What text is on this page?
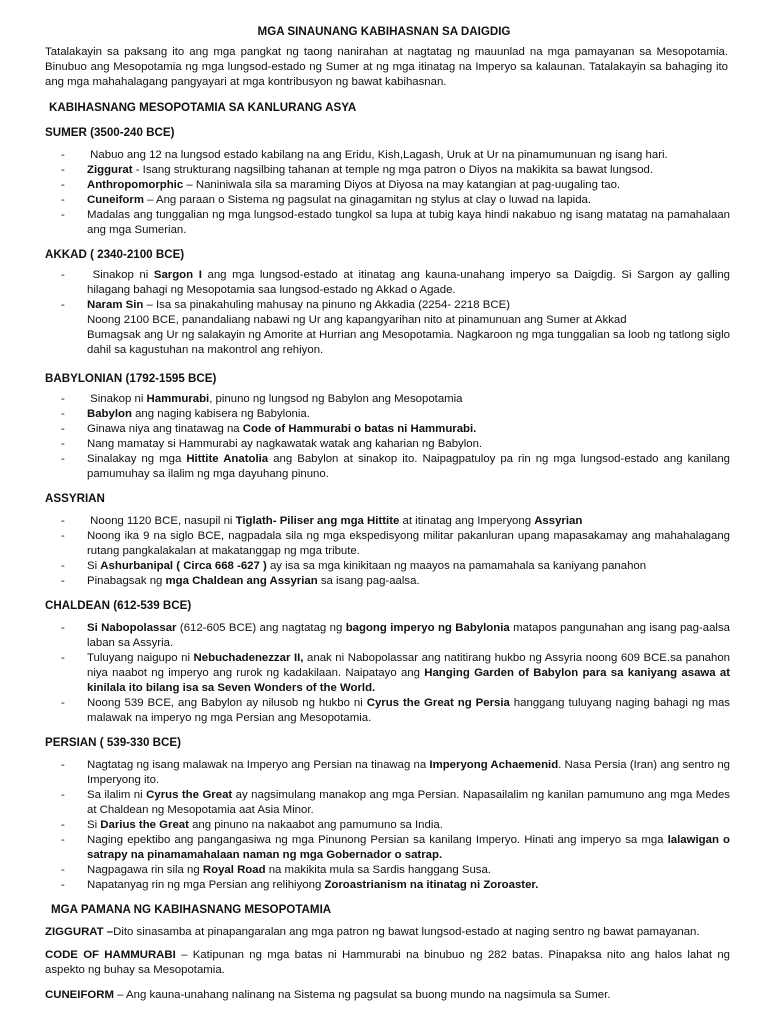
MGA SINAUNANG KABIHASNAN SA DAIGDIG
Tatalakayin sa paksang ito ang mga pangkat ng taong nanirahan at nagtatag ng mauunlad na mga pamayanan sa Mesopotamia. Binubuo ang Mesopotamia ng mga lungsod-estado ng Sumer at ng mga itinatag na Imperyo sa kalaunan. Tatalakayin sa bahaging ito ang mga mahahalagang pangyayari at mga kontribusyon ng bawat kabihasnan.
KABIHASNANG MESOPOTAMIA SA KANLURANG ASYA
SUMER (3500-240 BCE)
- Nabuo ang 12 na lungsod estado kabilang na ang Eridu, Kish,Lagash, Uruk at Ur na pinamumunuan ng isang hari.
- Ziggurat - Isang strukturang nagsilbing tahanan at temple ng mga patron o Diyos na makikita sa bawat lungsod.
- Anthropomorphic – Naniniwala sila sa maraming Diyos at Diyosa na may katangian at pag-uugaling tao.
- Cuneiform – Ang paraan o Sistema ng pagsulat na ginagamitan ng stylus at clay o luwad na lapida.
- Madalas ang tunggalian ng mga lungsod-estado tungkol sa lupa at tubig kaya hindi nakabuo ng isang matatag na pamahalaan ang mga Sumerian.
AKKAD ( 2340-2100 BCE)
- Sinakop ni Sargon I ang mga lungsod-estado at itinatag ang kauna-unahang imperyo sa Daigdig. Si Sargon ay galling hilagang bahagi ng Mesopotamia saa lungsod-estado ng Akkad o Agade.
- Naram Sin – Isa sa pinakahuling mahusay na pinuno ng Akkadia (2254- 2218 BCE)
Noong 2100 BCE, panandaliang nabawi ng Ur ang kapangyarihan nito at pinamunuan ang Sumer at Akkad
Bumagsak ang Ur ng salakayin ng Amorite at Hurrian ang Mesopotamia. Nagkaroon ng mga tunggalian sa loob ng tatlong siglo dahil sa kagustuhan na makontrol ang rehiyon.
BABYLONIAN (1792-1595 BCE)
- Sinakop ni Hammurabi, pinuno ng lungsod ng Babylon ang Mesopotamia
- Babylon ang naging kabisera ng Babylonia.
- Ginawa niya ang tinatawag na Code of Hammurabi o batas ni Hammurabi.
- Nang mamatay si Hammurabi ay nagkawatak watak ang kaharian ng Babylon.
- Sinalakay ng mga Hittite Anatolia ang Babylon at sinakop ito. Naipagpatuloy pa rin ng mga lungsod-estado ang kanilang pamumuhay sa ilalim ng mga dayuhang pinuno.
ASSYRIAN
- Noong 1120 BCE, nasupil ni Tiglath- Piliser ang mga Hittite at itinatag ang Imperyong Assyrian
- Noong ika 9 na siglo BCE, nagpadala sila ng mga ekspedisyong militar pakanluran upang mapasakamay ang mahahalagang rutang pangkalakalan at makatanggap ng mga tribute.
- Si Ashurbanipal ( Circa 668 -627 ) ay isa sa mga kinikitaan ng maayos na pamamahala sa kaniyang panahon
- Pinabagsak ng mga Chaldean ang Assyrian sa isang pag-aalsa.
CHALDEAN (612-539 BCE)
- Si Nabopolassar (612-605 BCE) ang nagtatag ng bagong imperyo ng Babylonia matapos pangunahan ang isang pag-aalsa laban sa Assyria.
- Tuluyang naigupo ni Nebuchadenezzar II, anak ni Nabopolassar ang natitirang hukbo ng Assyria noong 609 BCE.sa panahon niya naabot ng imperyo ang rurok ng kadakilaan. Naipatayo ang Hanging Garden of Babylon para sa kaniyang asawa at kinilala ito bilang isa sa Seven Wonders of the World.
- Noong 539 BCE, ang Babylon ay nilusob ng hukbo ni Cyrus the Great ng Persia hanggang tuluyang naging bahagi ng mas malawak na imperyo ng mga Persian ang Mesopotamia.
PERSIAN ( 539-330 BCE)
- Nagtatag ng isang malawak na Imperyo ang Persian na tinawag na Imperyong Achaemenid. Nasa Persia (Iran) ang sentro ng Imperyong ito.
- Sa ilalim ni Cyrus the Great ay nagsimulang manakop ang mga Persian. Napasailalim ng kanilan pamumuno ang mga Medes at Chaldean ng Mesopotamia aat Asia Minor.
- Si Darius the Great ang pinuno na nakaabot ang pamumuno sa India.
- Naging epektibo ang pangangasiwa ng mga Pinunong Persian sa kanilang Imperyo. Hinati ang imperyo sa mga lalawigan o satrapy na pinamamahalaan naman ng mga Gobernador o satrap.
- Nagpagawa rin sila ng Royal Road na makikita mula sa Sardis hanggang Susa.
- Napatanyag rin ng mga Persian ang relihiyong Zoroastrianism na itinatag ni Zoroaster.
MGA PAMANA NG KABIHASNANG MESOPOTAMIA
ZIGGURAT –Dito sinasamba at pinapangaralan ang mga patron ng bawat lungsod-estado at naging sentro ng bawat pamayanan.
CODE OF HAMMURABI – Katipunan ng mga batas ni Hammurabi na binubuo ng 282 batas. Pinapaksa nito ang halos lahat ng aspekto ng buhay sa Mesopotamia.
CUNEIFORM – Ang kauna-unahang nalinang na Sistema ng pagsulat sa buong mundo na nagsimula sa Sumer.
